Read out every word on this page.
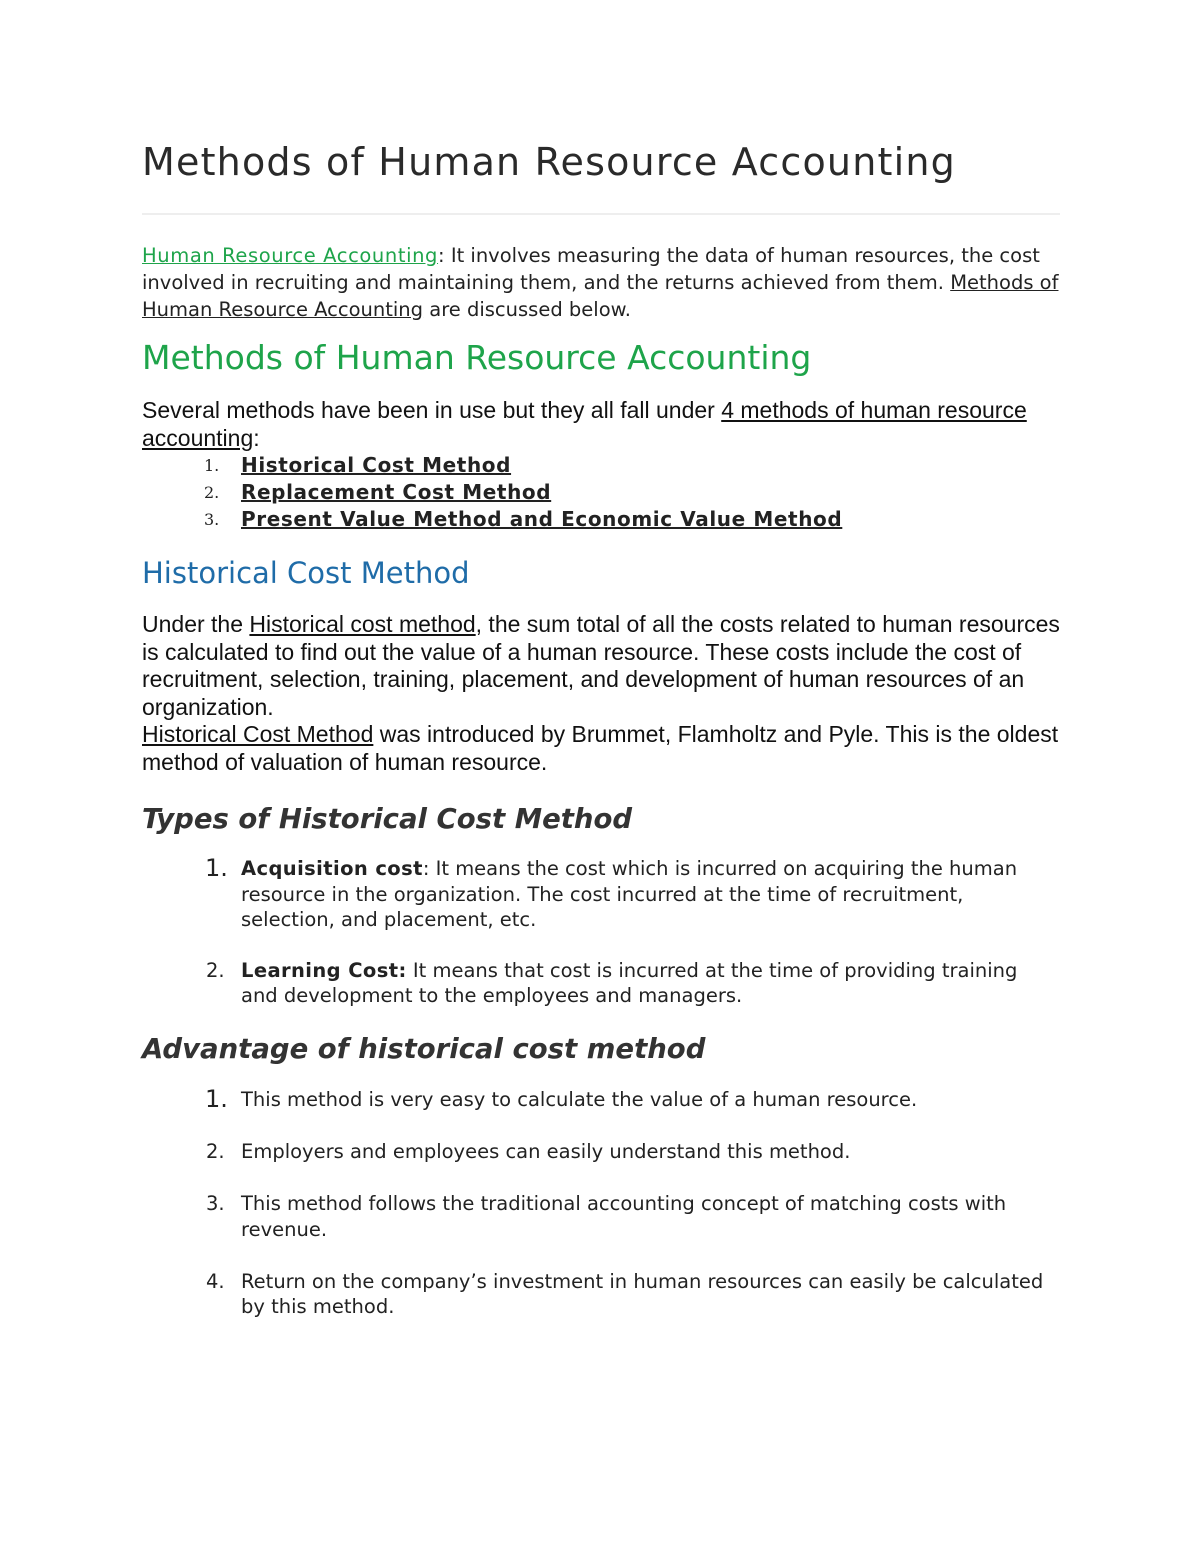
Methods of Human Resource Accounting

Human Resource Accounting: It involves measuring the data of human resources, the cost involved in recruiting and maintaining them, and the returns achieved from them. Methods of Human Resource Accounting are discussed below.

Methods of Human Resource Accounting

Several methods have been in use but they all fall under 4 methods of human resource accounting:

1. Historical Cost Method
2. Replacement Cost Method
3. Present Value Method and Economic Value Method
Historical Cost Method

Under the Historical cost method, the sum total of all the costs related to human resources is calculated to find out the value of a human resource. These costs include the cost of recruitment, selection, training, placement, and development of human resources of an organization.
Historical Cost Method was introduced by Brummet, Flamholtz and Pyle. This is the oldest method of valuation of human resource.

Types of Historical Cost Method
1. Acquisition cost: It means the cost which is incurred on acquiring the human resource in the organization. The cost incurred at the time of recruitment, selection, and placement, etc.
2. Learning Cost: It means that cost is incurred at the time of providing training and development to the employees and managers.
Advantage of historical cost method
1. This method is very easy to calculate the value of a human resource.
2. Employers and employees can easily understand this method.
3. This method follows the traditional accounting concept of matching costs with revenue.
4. Return on the company’s investment in human resources can easily be calculated by this method.
